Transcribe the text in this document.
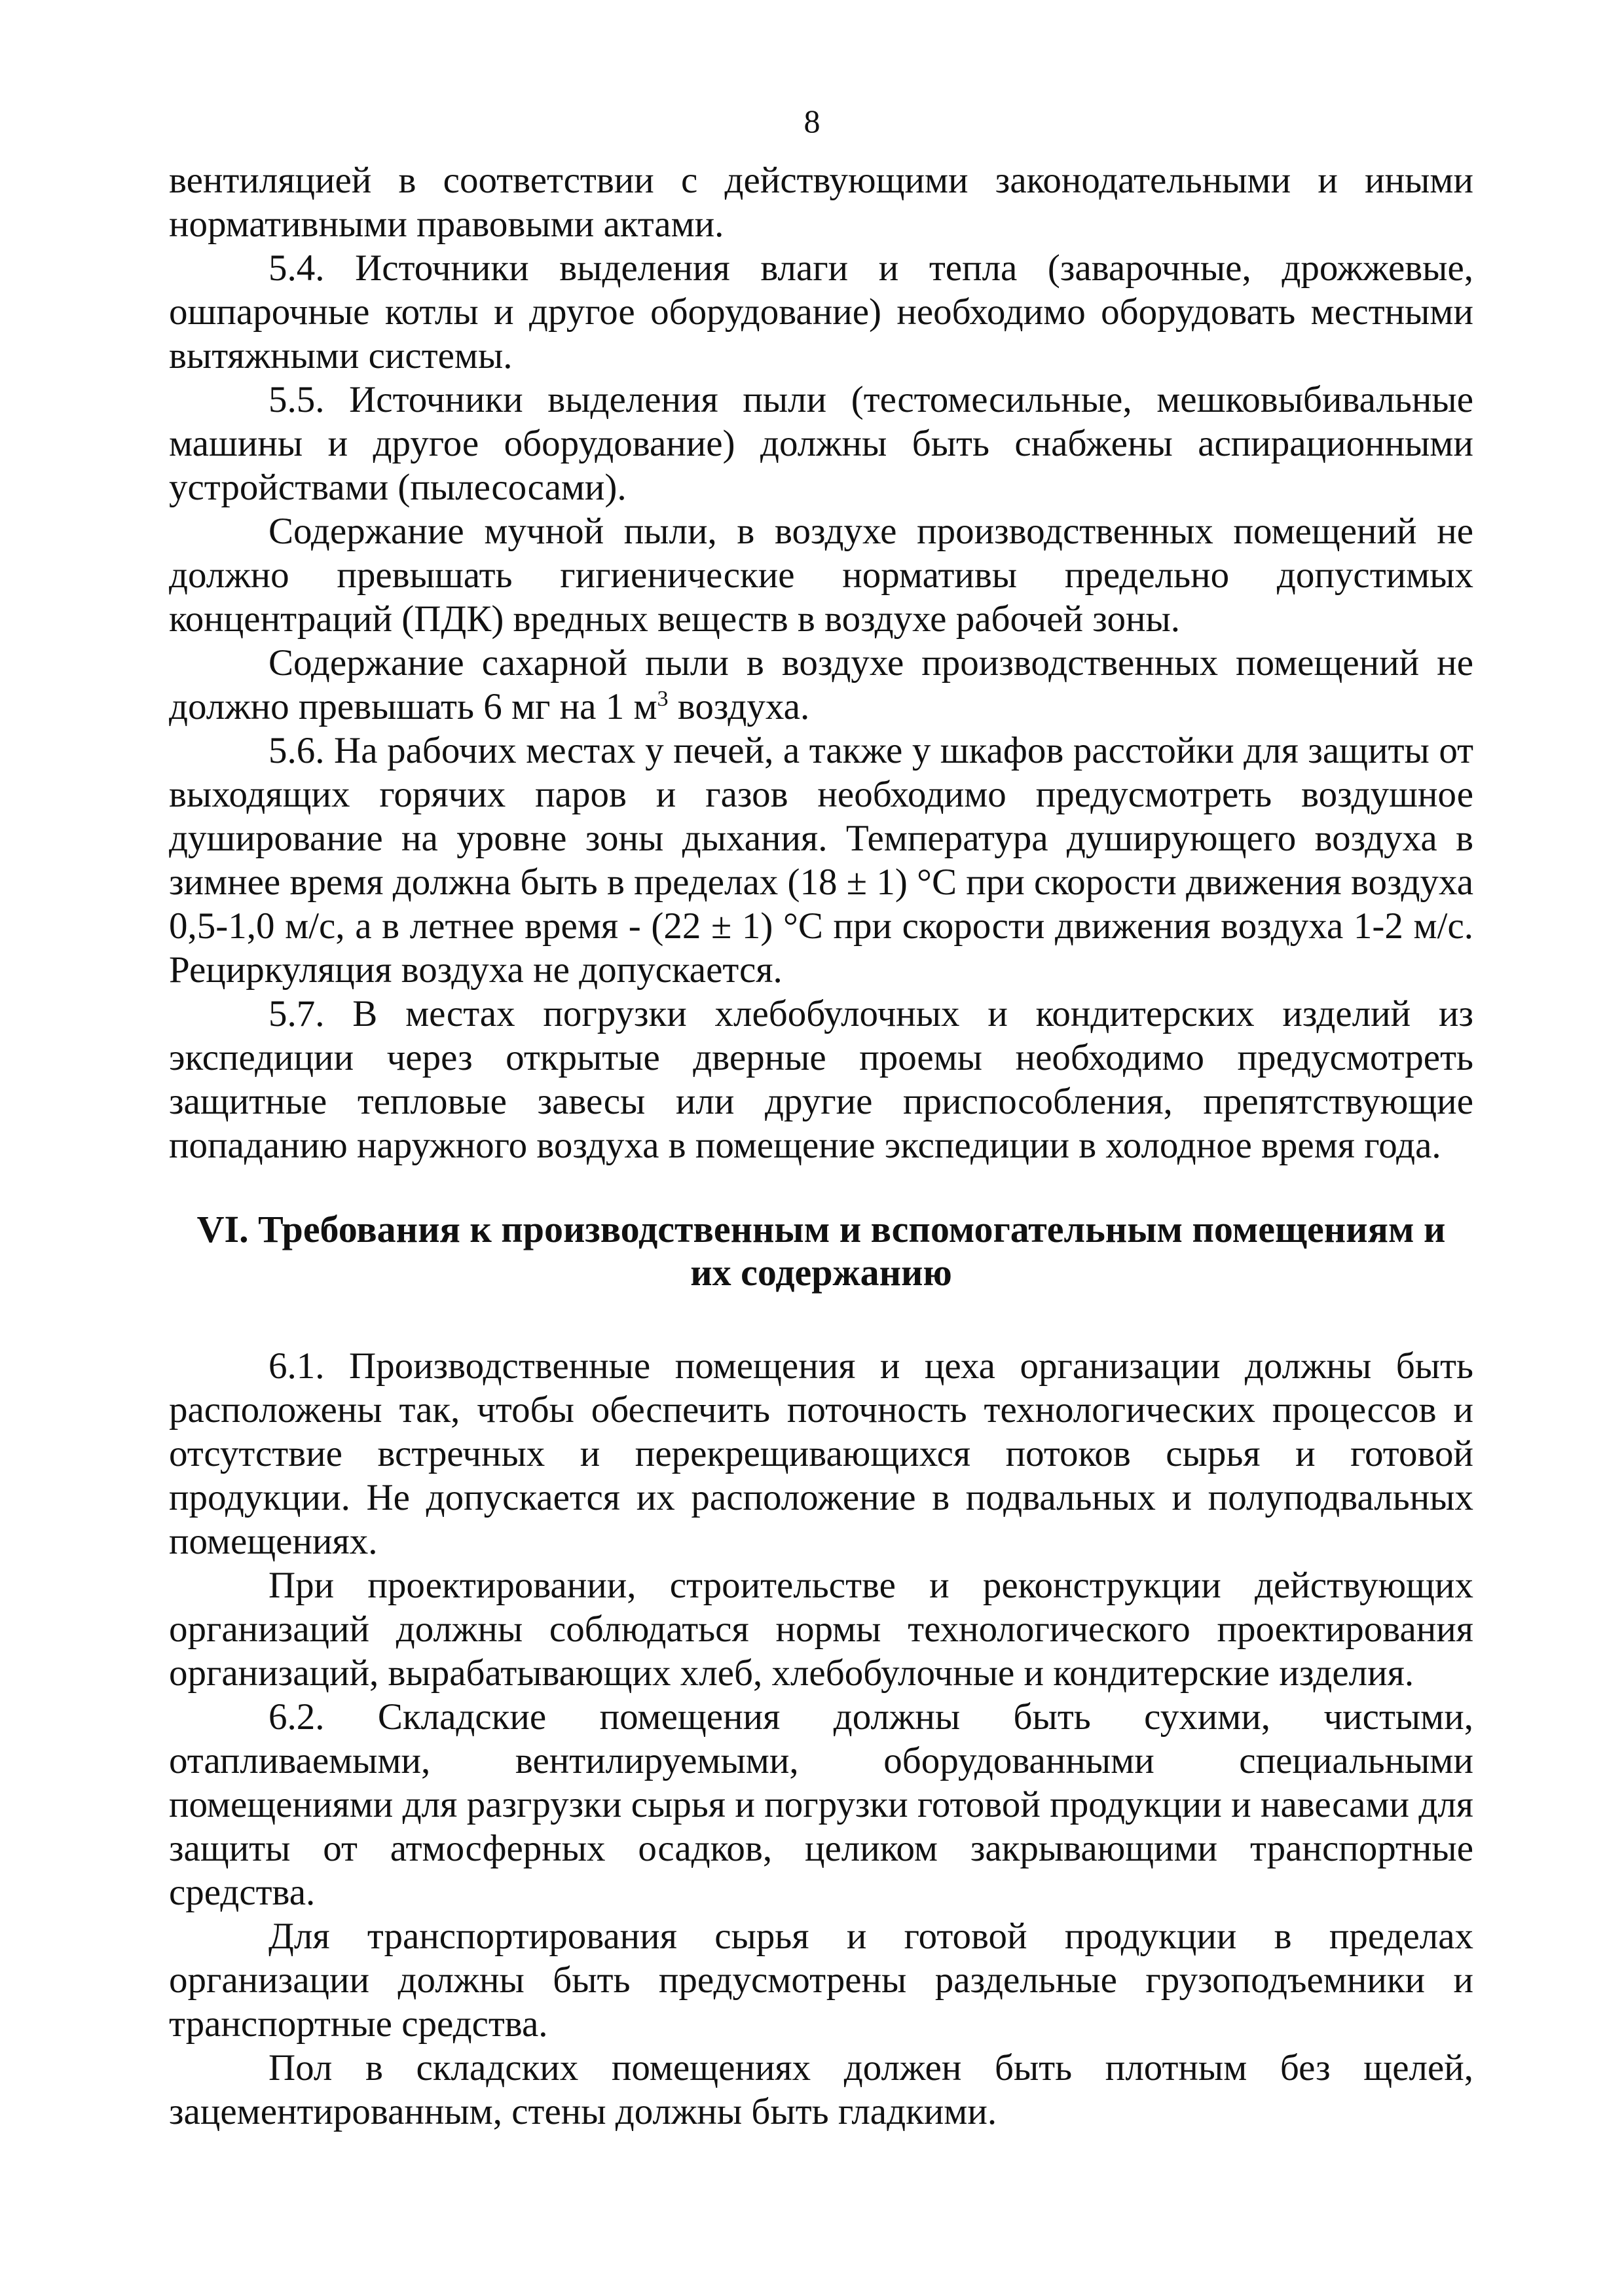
8

вентиляцией в соответствии с действующими законодательными и иными нормативными правовыми актами.

5.4. Источники выделения влаги и тепла (заварочные, дрожжевые, ошпарочные котлы и другое оборудование) необходимо оборудовать местными вытяжными системы.

5.5. Источники выделения пыли (тестомесильные, мешковыбивальные машины и другое оборудование) должны быть снабжены аспирационными устройствами (пылесосами).

Содержание мучной пыли, в воздухе производственных помещений не должно превышать гигиенические нормативы предельно допустимых концентраций (ПДК) вредных веществ в воздухе рабочей зоны.

Содержание сахарной пыли в воздухе производственных помещений не должно превышать 6 мг на 1 $м^3$ воздуха.

5.6. На рабочих местах у печей, а также у шкафов расстойки для защиты от выходящих горячих паров и газов необходимо предусмотреть воздушное душирование на уровне зоны дыхания. Температура душирующего воздуха в зимнее время должна быть в пределах (18 ± 1) °С при скорости движения воздуха 0,5-1,0 м/с, а в летнее время - (22 ± 1) °С при скорости движения воздуха 1-2 м/с. Рециркуляция воздуха не допускается.

5.7. В местах погрузки хлебобулочных и кондитерских изделий из экспедиции через открытые дверные проемы необходимо предусмотреть защитные тепловые завесы или другие приспособления, препятствующие попаданию наружного воздуха в помещение экспедиции в холодное время года.

VI. Требования к производственным и вспомогательным помещениям и
их содержанию

6.1. Производственные помещения и цеха организации должны быть расположены так, чтобы обеспечить поточность технологических процессов и отсутствие встречных и перекрещивающихся потоков сырья и готовой продукции. Не допускается их расположение в подвальных и полуподвальных помещениях.

При проектировании, строительстве и реконструкции действующих организаций должны соблюдаться нормы технологического проектирования организаций, вырабатывающих хлеб, хлебобулочные и кондитерские изделия.

6.2. Складские помещения должны быть сухими, чистыми, отапливаемыми, вентилируемыми, оборудованными специальными помещениями для разгрузки сырья и погрузки готовой продукции и навесами для защиты от атмосферных осадков, целиком закрывающими транспортные средства.

Для транспортирования сырья и готовой продукции в пределах организации должны быть предусмотрены раздельные грузоподъемники и транспортные средства.

Пол в складских помещениях должен быть плотным без щелей, зацементированным, стены должны быть гладкими.
